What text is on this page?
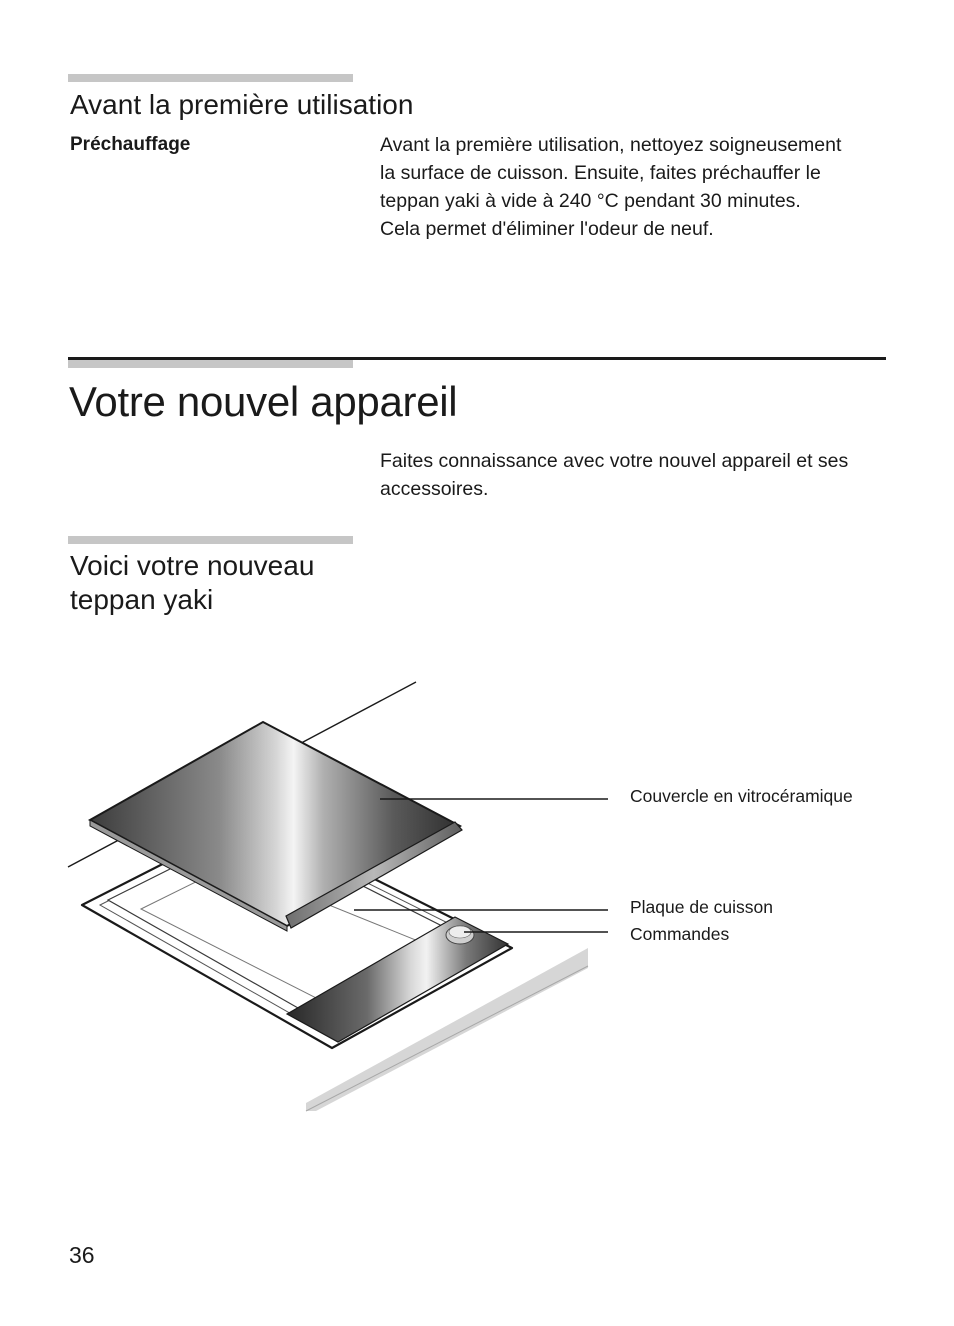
Avant la première utilisation
Préchauffage	Avant la première utilisation, nettoyez soigneusement
la surface de cuisson. Ensuite, faites préchauffer le
teppan yaki à vide à 240 °C pendant 30 minutes.
Cela permet d'éliminer l'odeur de neuf.
Votre nouvel appareil
Faites connaissance avec votre nouvel appareil et ses
accessoires.
Voici votre nouveau
teppan yaki
Couvercle en vitrocéramique
Plaque de cuisson
Commandes
36
